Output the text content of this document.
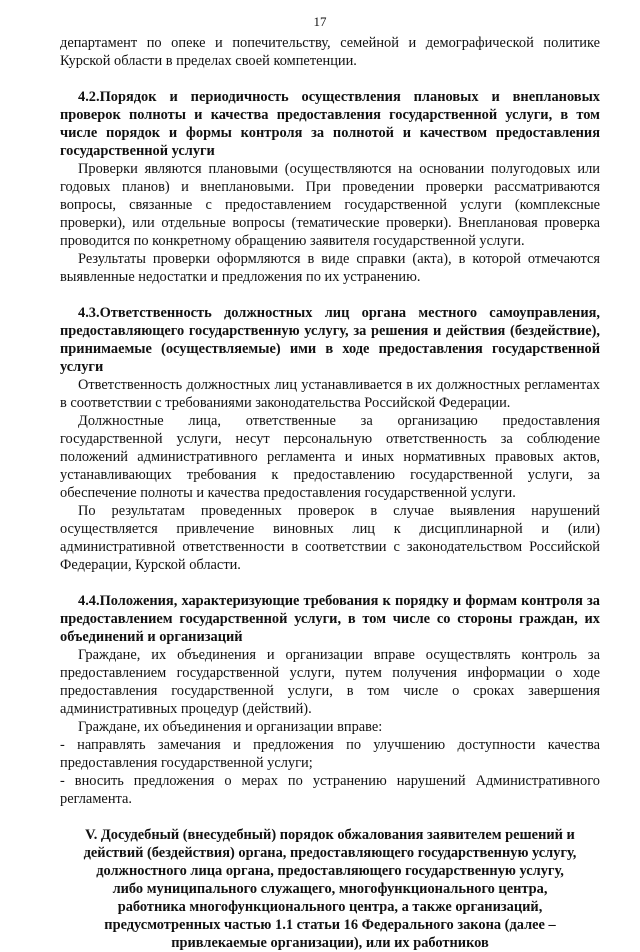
17

департамент по опеке и попечительству, семейной и демографической политике Курской области в пределах своей компетенции.

4.2.Порядок и периодичность осуществления плановых и внеплановых проверок полноты и качества предоставления государственной услуги, в том числе порядок и формы контроля за полнотой и качеством предоставления государственной услуги

Проверки являются плановыми (осуществляются на основании полугодовых или годовых планов) и внеплановыми. При проведении проверки рассматриваются вопросы, связанные с предоставлением государственной услуги (комплексные проверки), или отдельные вопросы (тематические проверки). Внеплановая проверка проводится по конкретному обращению заявителя государственной услуги.

Результаты проверки оформляются в виде справки (акта), в которой отмечаются выявленные недостатки и предложения по их устранению.

4.3.Ответственность должностных лиц органа местного самоуправления, предоставляющего государственную услугу, за решения и действия (бездействие), принимаемые (осуществляемые) ими в ходе предоставления государственной услуги

Ответственность должностных лиц устанавливается в их должностных регламентах в соответствии с требованиями законодательства Российской Федерации.

Должностные лица, ответственные за организацию предоставления государственной услуги, несут персональную ответственность за соблюдение положений административного регламента и иных нормативных правовых актов, устанавливающих требования к предоставлению государственной услуги, за обеспечение полноты и качества предоставления государственной услуги.

По результатам проведенных проверок в случае выявления нарушений осуществляется привлечение виновных лиц к дисциплинарной и (или) административной ответственности в соответствии с законодательством Российской Федерации, Курской области.

4.4.Положения, характеризующие требования к порядку и формам контроля за предоставлением государственной услуги, в том числе со стороны граждан, их объединений и организаций

Граждане, их объединения и организации вправе осуществлять контроль за предоставлением государственной услуги, путем получения информации о ходе предоставления государственной услуги, в том числе о сроках завершения административных процедур (действий).

Граждане, их объединения и организации вправе:

- направлять замечания и предложения по улучшению доступности качества предоставления государственной услуги;

- вносить предложения о мерах по устранению нарушений Административного регламента.

V. Досудебный (внесудебный) порядок обжалования заявителем решений и действий (бездействия) органа, предоставляющего государственную услугу, должностного лица органа, предоставляющего государственную услугу, либо муниципального служащего, многофункционального центра, работника многофункционального центра, а также организаций, предусмотренных частью 1.1 статьи 16 Федерального закона (далее – привлекаемые организации), или их работников
